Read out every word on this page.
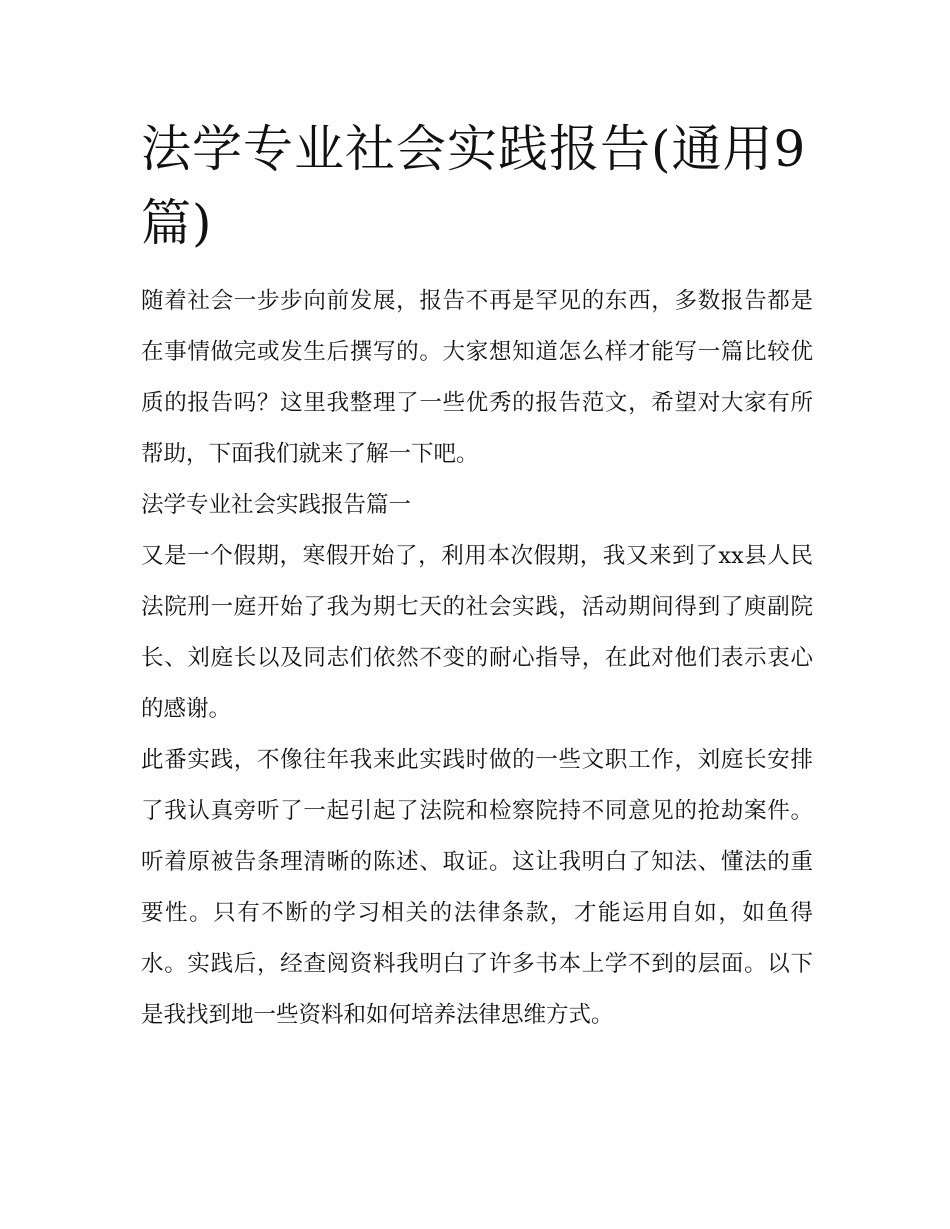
法学专业社会实践报告(通用9篇)

随着社会一步步向前发展，报告不再是罕见的东西，多数报告都是在事情做完或发生后撰写的。大家想知道怎么样才能写一篇比较优质的报告吗？这里我整理了一些优秀的报告范文，希望对大家有所帮助，下面我们就来了解一下吧。

法学专业社会实践报告篇一

又是一个假期，寒假开始了，利用本次假期，我又来到了xx县人民法院刑一庭开始了我为期七天的社会实践，活动期间得到了庾副院长、刘庭长以及同志们依然不变的耐心指导，在此对他们表示衷心的感谢。

此番实践，不像往年我来此实践时做的一些文职工作，刘庭长安排了我认真旁听了一起引起了法院和检察院持不同意见的抢劫案件。听着原被告条理清晰的陈述、取证。这让我明白了知法、懂法的重要性。只有不断的学习相关的法律条款，才能运用自如，如鱼得水。实践后，经查阅资料我明白了许多书本上学不到的层面。以下是我找到地一些资料和如何培养法律思维方式。
